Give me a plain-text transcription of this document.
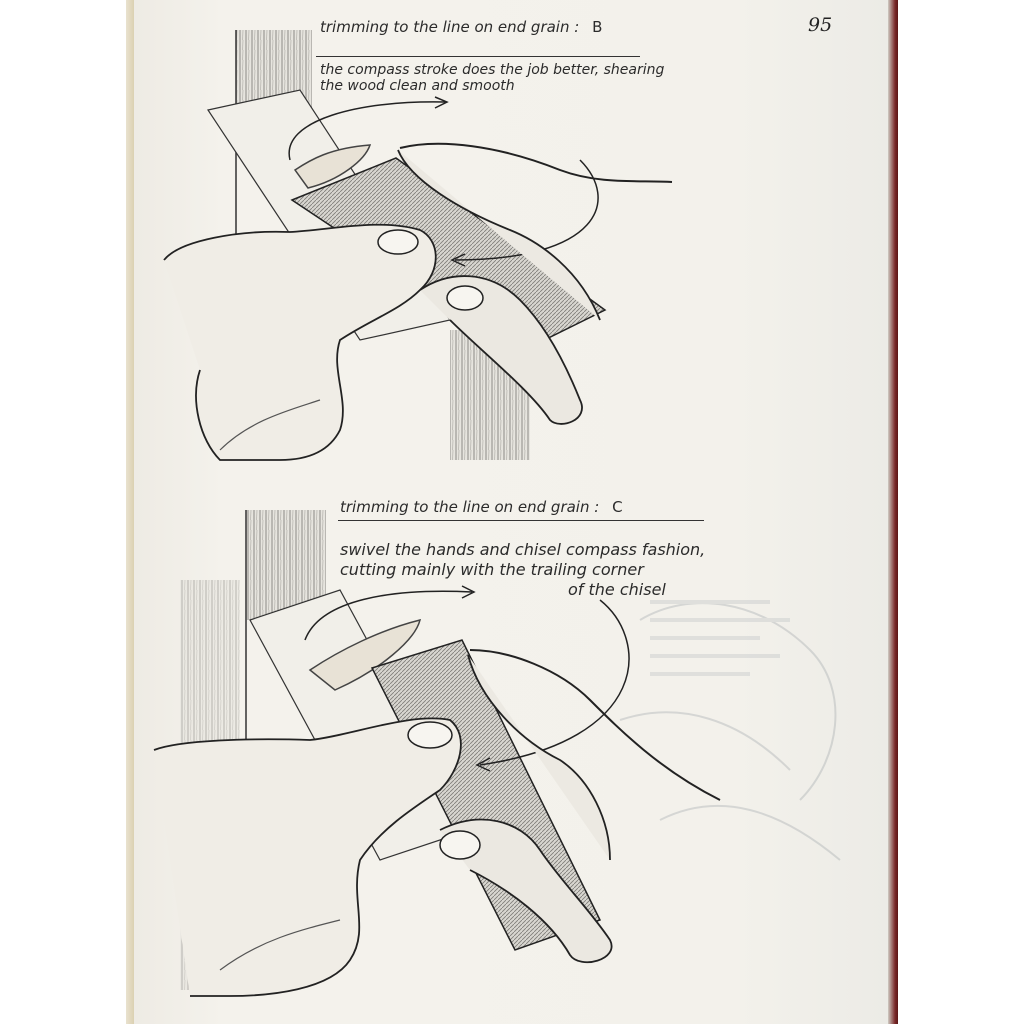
95
trimming to the line on end grain : B
the compass stroke does the job better, shearing
the wood clean and smooth
trimming to the line on end grain : C
swivel the hands and chisel compass fashion,
cutting mainly with the trailing corner
of the chisel
